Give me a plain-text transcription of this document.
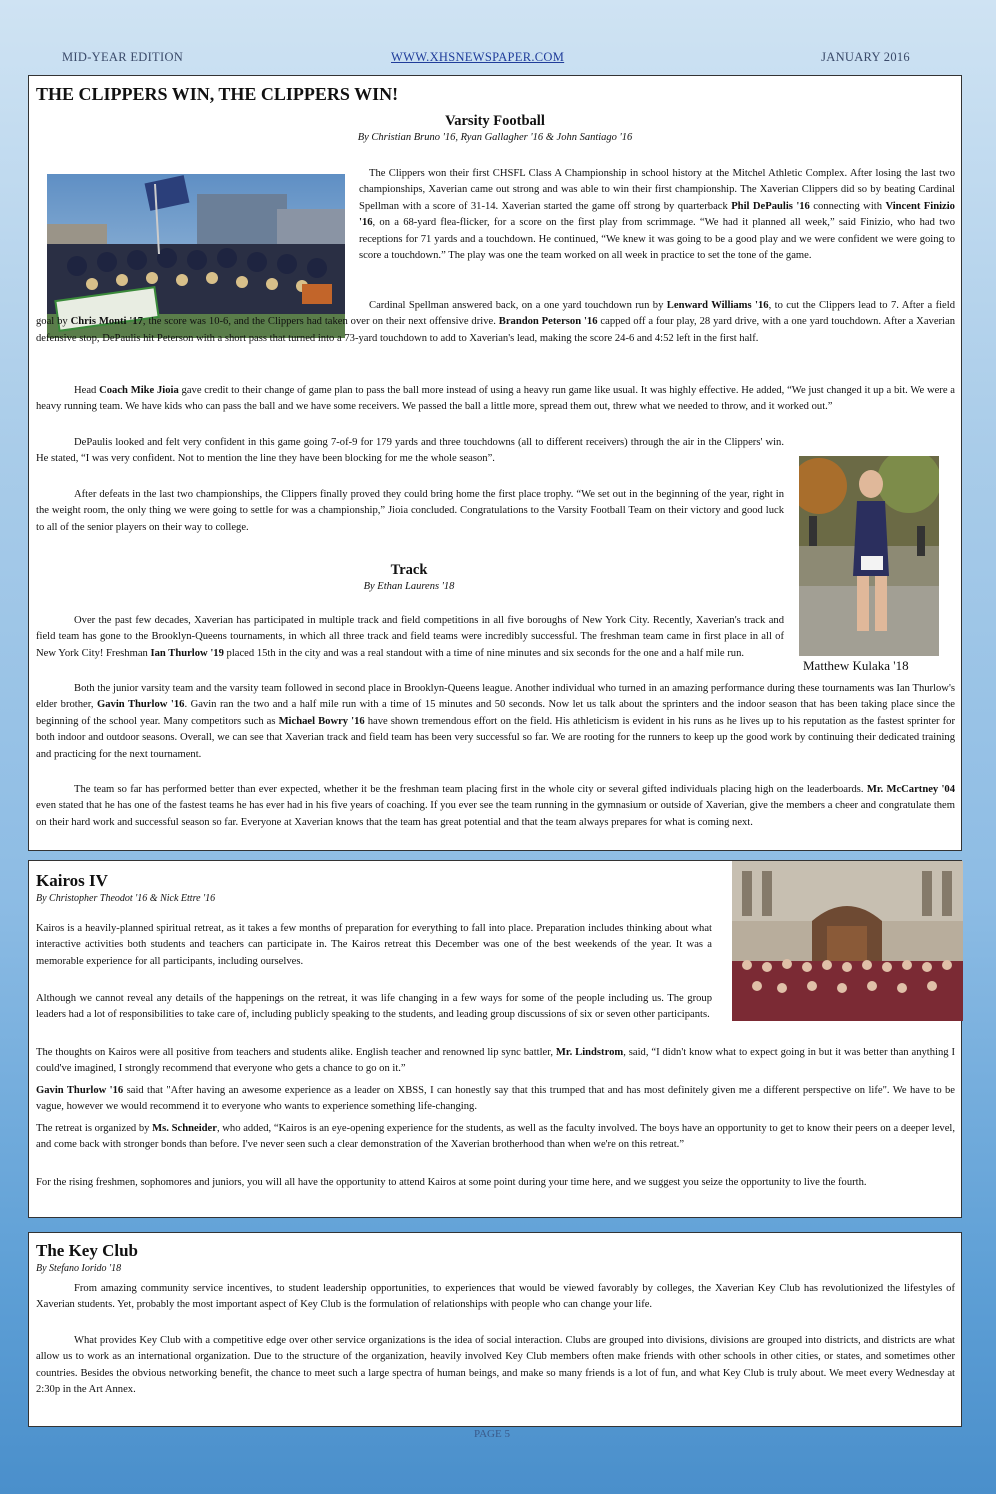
MID-YEAR EDITION	WWW.XHSNEWSPAPER.COM	JANUARY 2016
THE CLIPPERS WIN, THE CLIPPERS WIN!
Varsity Football
By Christian Bruno '16, Ryan Gallagher '16 & John Santiago '16
The Clippers won their first CHSFL Class A Championship in school history at the Mitchel Athletic Complex. After losing the last two championships, Xaverian came out strong and was able to win their first championship. The Xaverian Clippers did so by beating Cardinal Spellman with a score of 31-14. Xaverian started the game off strong by quarterback Phil DePaulis '16 connecting with Vincent Finizio '16, on a 68-yard flea-flicker, for a score on the first play from scrimmage. “We had it planned all week,” said Finizio, who had two receptions for 71 yards and a touchdown. He continued, “We knew it was going to be a good play and we were confident we were going to score a touchdown.” The play was one the team worked on all week in practice to set the tone of the game.
Cardinal Spellman answered back, on a one yard touchdown run by Lenward Williams '16, to cut the Clippers lead to 7. After a field goal by Chris Monti '17, the score was 10-6, and the Clippers had taken over on their next offensive drive. Brandon Peterson '16 capped off a four play, 28 yard drive, with a one yard touchdown. After a Xaverian defensive stop, DePaulis hit Peterson with a short pass that turned into a 73-yard touchdown to add to Xaverian's lead, making the score 24-6 and 4:52 left in the first half.
Head Coach Mike Jioia gave credit to their change of game plan to pass the ball more instead of using a heavy run game like usual. It was highly effective. He added, “We just changed it up a bit. We were a heavy running team. We have kids who can pass the ball and we have some receivers. We passed the ball a little more, spread them out, threw what we needed to throw, and it worked out.”
DePaulis looked and felt very confident in this game going 7-of-9 for 179 yards and three touchdowns (all to different receivers) through the air in the Clippers' win. He stated, “I was very confident. Not to mention the line they have been blocking for me the whole season”.
After defeats in the last two championships, the Clippers finally proved they could bring home the first place trophy. “We set out in the beginning of the year, right in the weight room, the only thing we were going to settle for was a championship,” Jioia concluded. Congratulations to the Varsity Football Team on their victory and good luck to all of the senior players on their way to college.
Matthew Kulaka '18
Track
By Ethan Laurens '18
Over the past few decades, Xaverian has participated in multiple track and field competitions in all five boroughs of New York City. Recently, Xaverian's track and field team has gone to the Brooklyn-Queens tournaments, in which all three track and field teams were incredibly successful. The freshman team came in first place in all of New York City! Freshman Ian Thurlow '19 placed 15th in the city and was a real standout with a time of nine minutes and six seconds for the one and a half mile run.
Both the junior varsity team and the varsity team followed in second place in Brooklyn-Queens league. Another individual who turned in an amazing performance during these tournaments was Ian Thurlow's elder brother, Gavin Thurlow '16. Gavin ran the two and a half mile run with a time of 15 minutes and 50 seconds. Now let us talk about the sprinters and the indoor season that has been taking place since the beginning of the school year. Many competitors such as Michael Bowry '16 have shown tremendous effort on the field. His athleticism is evident in his runs as he lives up to his reputation as the fastest sprinter for both indoor and outdoor seasons. Overall, we can see that Xaverian track and field team has been very successful so far. We are rooting for the runners to keep up the good work by continuing their dedicated training and practicing for the next tournament.
The team so far has performed better than ever expected, whether it be the freshman team placing first in the whole city or several gifted individuals placing high on the leaderboards. Mr. McCartney '04 even stated that he has one of the fastest teams he has ever had in his five years of coaching. If you ever see the team running in the gymnasium or outside of Xaverian, give the members a cheer and congratulate them on their hard work and successful season so far. Everyone at Xaverian knows that the team has great potential and that the team always prepares for what is coming next.
Kairos IV
By Christopher Theodot '16 & Nick Ettre '16
Kairos is a heavily-planned spiritual retreat, as it takes a few months of preparation for everything to fall into place. Preparation includes thinking about what interactive activities both students and teachers can participate in. The Kairos retreat this December was one of the best weekends of the year. It was a memorable experience for all participants, including ourselves.
Although we cannot reveal any details of the happenings on the retreat, it was life changing in a few ways for some of the people including us. The group leaders had a lot of responsibilities to take care of, including publicly speaking to the students, and leading group discussions of six or seven other participants.
The thoughts on Kairos were all positive from teachers and students alike. English teacher and renowned lip sync battler, Mr. Lindstrom, said, “I didn't know what to expect going in but it was better than anything I could've imagined, I strongly recommend that everyone who gets a chance to go on it.”
Gavin Thurlow '16 said that "After having an awesome experience as a leader on XBSS, I can honestly say that this trumped that and has most definitely given me a different perspective on life". We have to be vague, however we would recommend it to everyone who wants to experience something life-changing.
The retreat is organized by Ms. Schneider, who added, “Kairos is an eye-opening experience for the students, as well as the faculty involved. The boys have an opportunity to get to know their peers on a deeper level, and come back with stronger bonds than before. I've never seen such a clear demonstration of the Xaverian brotherhood than when we're on this retreat.”
For the rising freshmen, sophomores and juniors, you will all have the opportunity to attend Kairos at some point during your time here, and we suggest you seize the opportunity to live the fourth.
The Key Club
By Stefano Iorido '18
From amazing community service incentives, to student leadership opportunities, to experiences that would be viewed favorably by colleges, the Xaverian Key Club has revolutionized the lifestyles of Xaverian students. Yet, probably the most important aspect of Key Club is the formulation of relationships with people who can change your life.
What provides Key Club with a competitive edge over other service organizations is the idea of social interaction. Clubs are grouped into divisions, divisions are grouped into districts, and districts are what allow us to work as an international organization. Due to the structure of the organization, heavily involved Key Club members often make friends with other schools in other cities, or states, and sometimes other countries. Besides the obvious networking benefit, the chance to meet such a large spectra of human beings, and make so many friends is a lot of fun, and what Key Club is truly about. We meet every Wednesday at 2:30p in the Art Annex.
PAGE 5
